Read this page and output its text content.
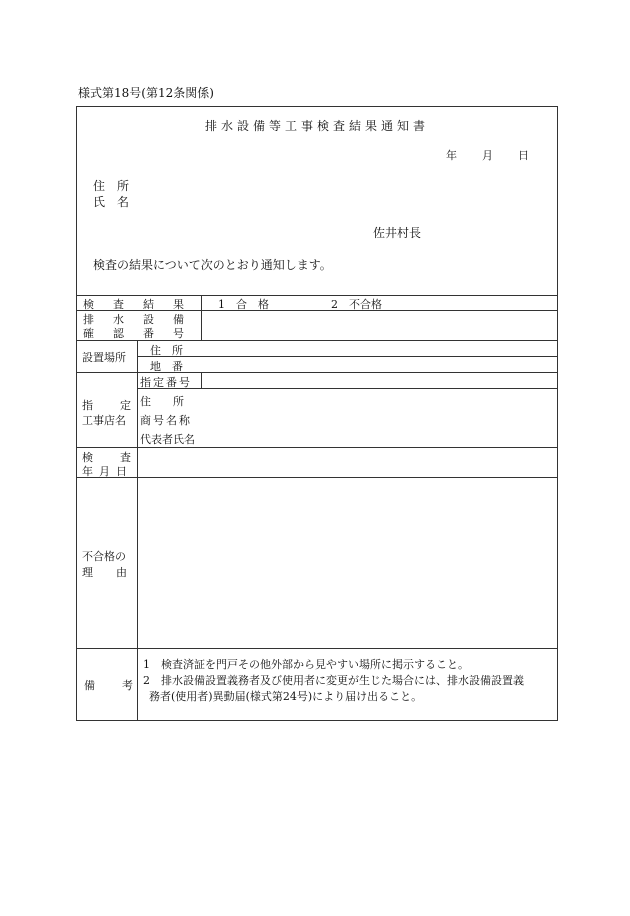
様式第18号(第12条関係)
排水設備等工事検査結果通知書
年 月 日
住　所
氏　名
佐井村長
検査の結果について次のとおり通知します。
検査結果 1　合　格	2　不合格
排水設備
確認番号
設置場所
住　所
地　番
指　定
工事店名
指定番号
住　　所
商号名称
代表者氏名
検　査
年月日
不合格の
理　由
備　考
1　検査済証を門戸その他外部から見やすい場所に掲示すること。
2　排水設備設置義務者及び使用者に変更が生じた場合には、排水設備設置義
務者(使用者)異動届(様式第24号)により届け出ること。
